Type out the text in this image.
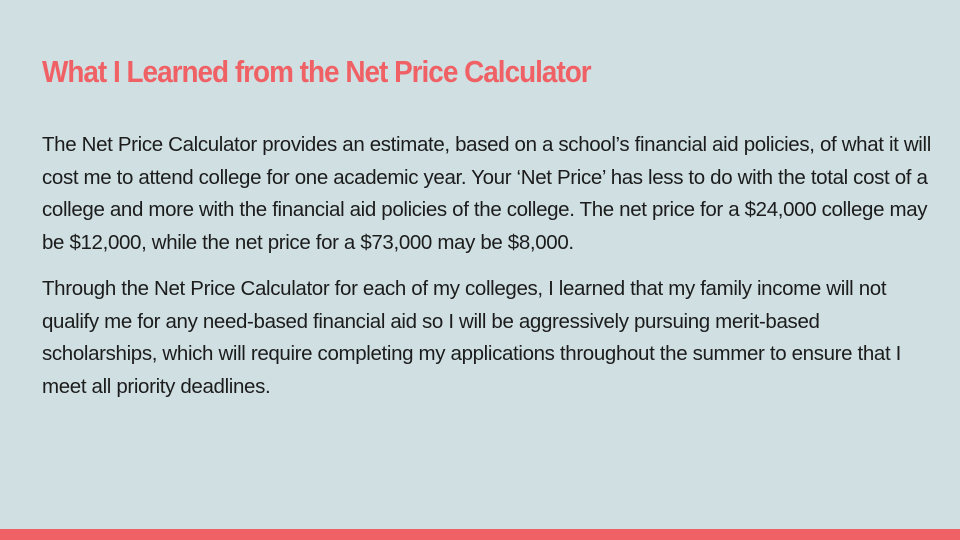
What I Learned from the Net Price Calculator

The Net Price Calculator provides an estimate, based on a school’s financial aid policies, of what it will cost me to attend college for one academic year. Your ‘Net Price’ has less to do with the total cost of a college and more with the financial aid policies of the college. The net price for a $24,000 college may be $12,000, while the net price for a $73,000 may be $8,000.

Through the Net Price Calculator for each of my colleges, I learned that my family income will not qualify me for any need-based financial aid so I will be aggressively pursuing merit-based scholarships, which will require completing my applications throughout the summer to ensure that I meet all priority deadlines.
